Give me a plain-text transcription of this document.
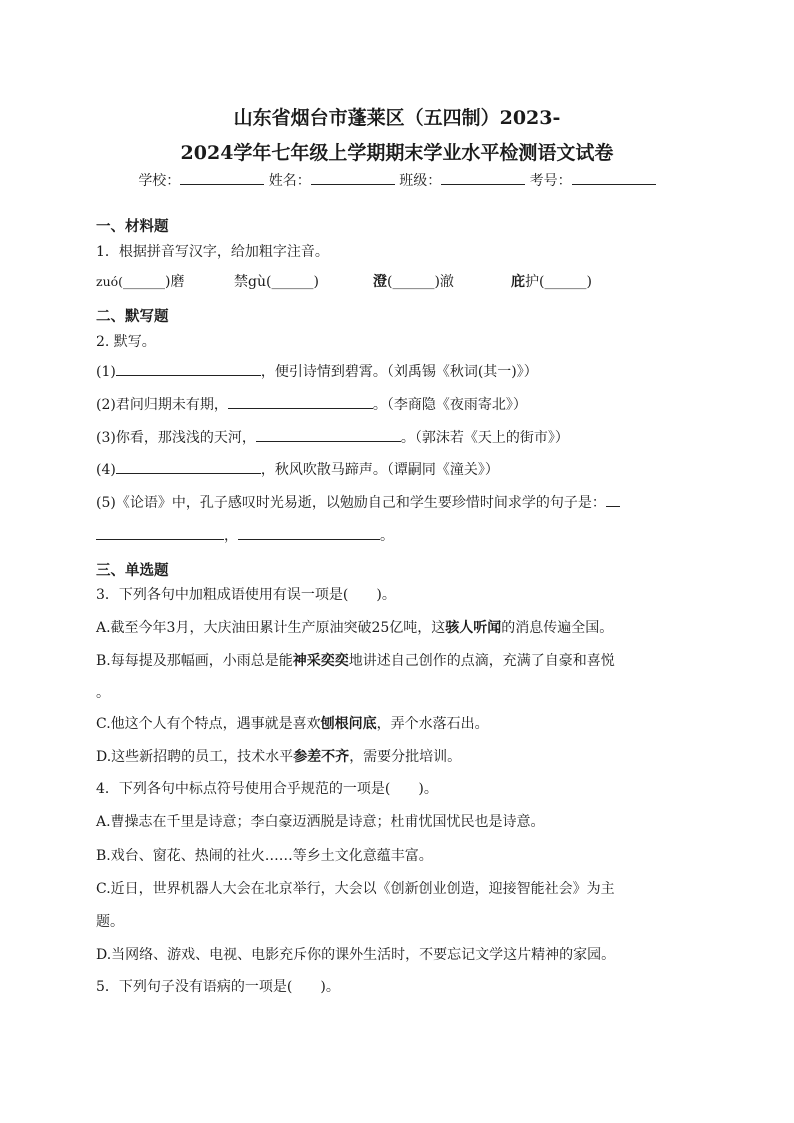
山东省烟台市蓬莱区（五四制）2023-
2024学年七年级上学期期末学业水平检测语文试卷
学校：	姓名：	班级：	考号：
一、材料题
1．根据拼音写汉字，给加粗字注音。
zuó(______)磨	禁gù(______)	澄(______)澈	庇护(______)
二、默写题
2. 默写。
(1)	，便引诗情到碧霄。（刘禹锡《秋词(其一)》）
(2)君问归期未有期，	。（李商隐《夜雨寄北》）
(3)你看，那浅浅的天河，	。（郭沫若《天上的街市》）
(4)	，秋风吹散马蹄声。（谭嗣同《潼关》）
(5)《论语》中，孔子感叹时光易逝，以勉励自己和学生要珍惜时间求学的句子是：
，	。
三、单选题
3．下列各句中加粗成语使用有误一项是(　　)。
A.截至今年3月，大庆油田累计生产原油突破25亿吨，这骇人听闻的消息传遍全国。
B.每每提及那幅画，小雨总是能神采奕奕地讲述自己创作的点滴，充满了自豪和喜悦
。
C.他这个人有个特点，遇事就是喜欢刨根问底，弄个水落石出。
D.这些新招聘的员工，技术水平参差不齐，需要分批培训。
4．下列各句中标点符号使用合乎规范的一项是(　　)。
A.曹操志在千里是诗意；李白豪迈洒脱是诗意；杜甫忧国忧民也是诗意。
B.戏台、窗花、热闹的社火……等乡土文化意蕴丰富。
C.近日，世界机器人大会在北京举行，大会以《创新创业创造，迎接智能社会》为主
题。
D.当网络、游戏、电视、电影充斥你的课外生活时，不要忘记文学这片精神的家园。
5．下列句子没有语病的一项是(　　)。
